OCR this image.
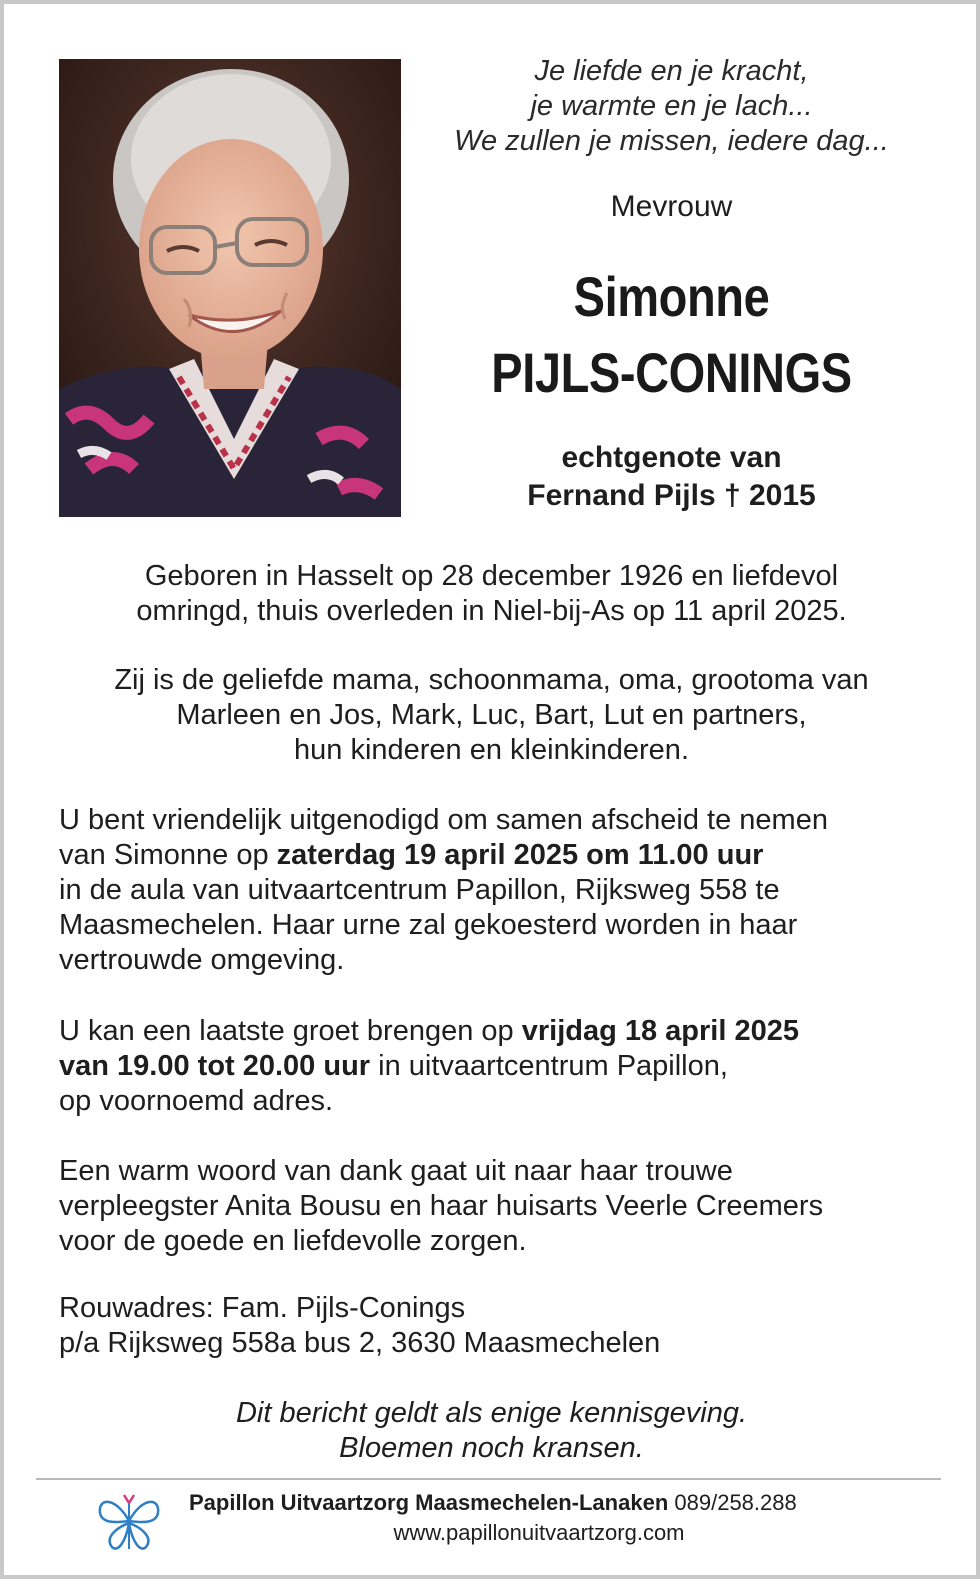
Je liefde en je kracht,
je warmte en je lach...
We zullen je missen, iedere dag...
Mevrouw
Simonne
PIJLS-CONINGS
echtgenote van
Fernand Pijls † 2015
Geboren in Hasselt op 28 december 1926 en liefdevol
omringd, thuis overleden in Niel-bij-As op 11 april 2025.
Zij is de geliefde mama, schoonmama, oma, grootoma van
Marleen en Jos, Mark, Luc, Bart, Lut en partners,
hun kinderen en kleinkinderen.
U bent vriendelijk uitgenodigd om samen afscheid te nemen
van Simonne op zaterdag 19 april 2025 om 11.00 uur
in de aula van uitvaartcentrum Papillon, Rijksweg 558 te
Maasmechelen. Haar urne zal gekoesterd worden in haar
vertrouwde omgeving.
U kan een laatste groet brengen op vrijdag 18 april 2025
van 19.00 tot 20.00 uur in uitvaartcentrum Papillon,
op voornoemd adres.
Een warm woord van dank gaat uit naar haar trouwe
verpleegster Anita Bousu en haar huisarts Veerle Creemers
voor de goede en liefdevolle zorgen.
Rouwadres: Fam. Pijls-Conings
p/a Rijksweg 558a bus 2, 3630 Maasmechelen
Dit bericht geldt als enige kennisgeving.
Bloemen noch kransen.
Papillon Uitvaartzorg Maasmechelen-Lanaken 089/258.288
www.papillonuitvaartzorg.com
